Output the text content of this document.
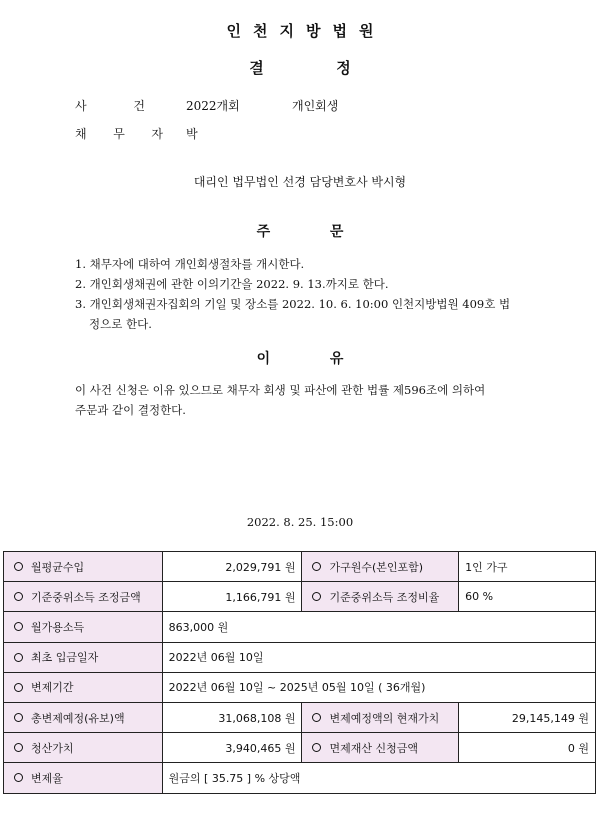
인천지방법원
결	정
사	건	2022개회	개인회생
채 무 자 박
대리인 법무법인 선경 담당변호사 박시형
주	문
1. 채무자에 대하여 개인회생절차를 개시한다.
2. 개인회생채권에 관한 이의기간을 2022. 9. 13.까지로 한다.
3. 개인회생채권자집회의 기일 및 장소를 2022. 10. 6. 10:00 인천지방법원 409호 법
정으로 한다.
이	유
이 사건 신청은 이유 있으므로 채무자 회생 및 파산에 관한 법률 제596조에 의하여
주문과 같이 결정한다.
2022. 8. 25. 15:00
월평균수입	2,029,791 원	가구원수(본인포함)	1인 가구
기준중위소득 조정금액	1,166,791 원	기준중위소득 조정비율	60 %
월가용소득	863,000 원		
최초 입금일자	2022년 06월 10일		
변제기간	2022년 06월 10일 ~ 2025년 05월 10일 ( 36개월)		
총변제예정(유보)액	31,068,108 원	변제예정액의 현재가치	29,145,149 원
청산가치	3,940,465 원	면제재산 신청금액	0 원
변제율	원금의 [ 35.75 ] % 상당액		
